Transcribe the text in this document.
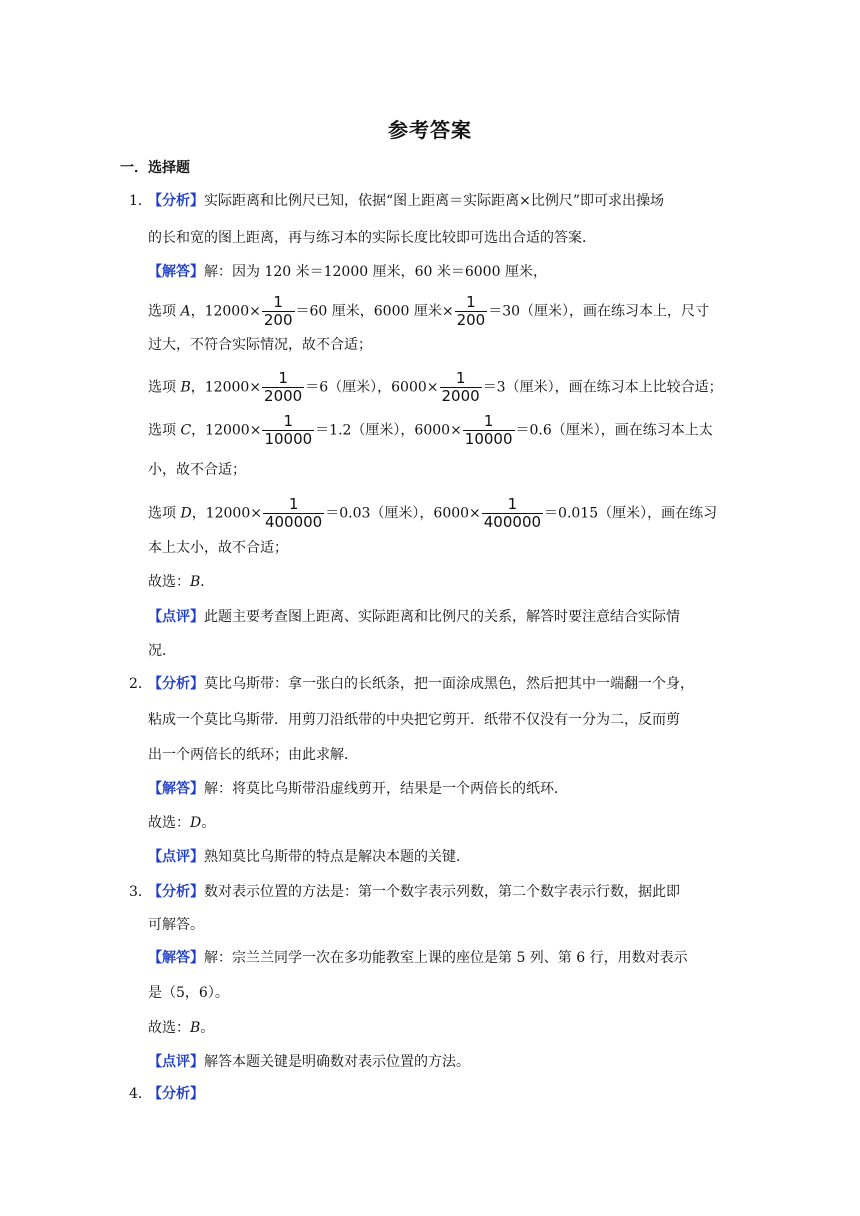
参考答案
一．选择题
1．
【分析】实际距离和比例尺已知，依据“图上距离＝实际距离×比例尺”即可求出操场
的长和宽的图上距离，再与练习本的实际长度比较即可选出合适的答案．
【解答】解：因为 120 米＝12000 厘米，60 米＝6000 厘米，
选项 A，$12000\times \frac{1}{200} =60$ 厘米，6000 厘米× $\frac{1}{200} =30$（厘米），画在练习本上，尺寸
过大，不符合实际情况，故不合适；
选项 B，$12000\times \frac{1}{2000} =6$（厘米），$6000\times \frac{1}{2000} =3$（厘米），画在练习本上比较合适；
选项 C，$12000\times \frac{1}{10000} =1.2$（厘米），$6000\times \frac{1}{10000} =0.6$（厘米），画在练习本上太
小，故不合适；
选项 D，$12000\times \frac{1}{400000} =0.03$（厘米），$6000\times \frac{1}{400000} =0.015$（厘米），画在练习
本上太小，故不合适；
故选：B．
【点评】此题主要考查图上距离、实际距离和比例尺的关系，解答时要注意结合实际情
况．
2．
【分析】莫比乌斯带：拿一张白的长纸条，把一面涂成黑色，然后把其中一端翻一个身，
粘成一个莫比乌斯带．用剪刀沿纸带的中央把它剪开．纸带不仅没有一分为二，反而剪
出一个两倍长的纸环；由此求解．
【解答】解：将莫比乌斯带沿虚线剪开，结果是一个两倍长的纸环．
故选：D。
【点评】熟知莫比乌斯带的特点是解决本题的关键．
3．
【分析】数对表示位置的方法是：第一个数字表示列数，第二个数字表示行数，据此即
可解答。
【解答】解：宗兰兰同学一次在多功能教室上课的座位是第 5 列、第 6 行，用数对表示
是（5，6）。
故选：B。
【点评】解答本题关键是明确数对表示位置的方法。
4．
【分析】
